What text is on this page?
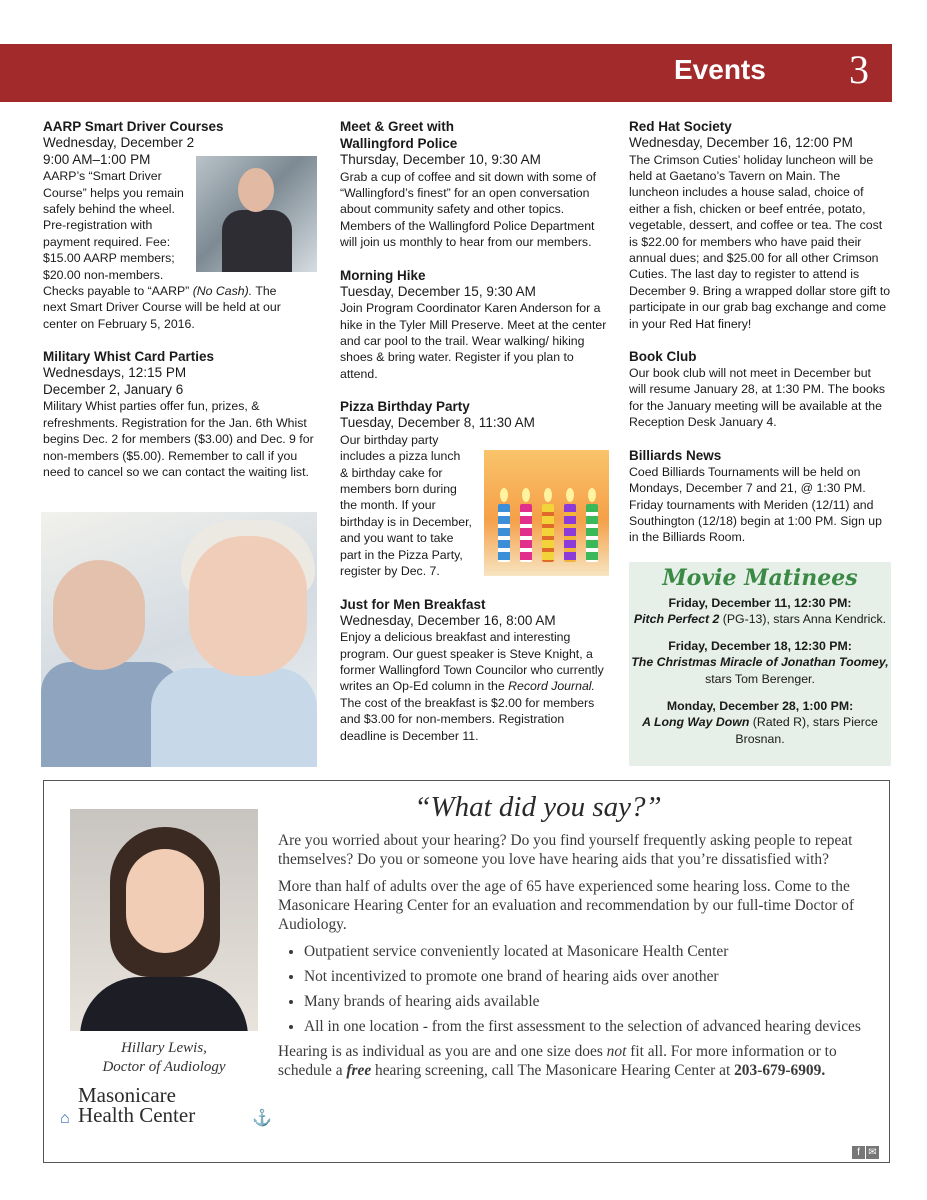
Events 3

AARP Smart Driver Courses

Wednesday, December 2

9:00 AM–1:00 PM

AARP’s “Smart Driver

Course” helps you remain

safely behind the wheel.

Pre-registration with

payment required. Fee:

$15.00 AARP members;

$20.00 non-members.

Checks payable to “AARP” (No Cash). The

next Smart Driver Course will be held at our

center on February 5, 2016.

Military Whist Card Parties

Wednesdays, 12:15 PM

December 2, January 6

Military Whist parties offer fun, prizes, & refreshments. Registration for the Jan. 6th Whist begins Dec. 2 for members ($3.00) and Dec. 9 for non-members ($5.00). Remember to call if you need to cancel so we can contact the waiting list.

Meet & Greet with

Wallingford Police

Thursday, December 10, 9:30 AM

Grab a cup of coffee and sit down with some of “Wallingford’s finest” for an open conversation about community safety and other topics. Members of the Wallingford Police Department will join us monthly to hear from our members.

Morning Hike

Tuesday, December 15, 9:30 AM

Join Program Coordinator Karen Anderson for a hike in the Tyler Mill Preserve. Meet at the center and car pool to the trail. Wear walking/ hiking shoes & bring water. Register if you plan to attend.

Pizza Birthday Party

Tuesday, December 8, 11:30 AM

Our birthday party

includes a pizza lunch

& birthday cake for

members born during

the month. If your

birthday is in December,

and you want to take

part in the Pizza Party,

register by Dec. 7.

Just for Men Breakfast

Wednesday, December 16, 8:00 AM

Enjoy a delicious breakfast and interesting program. Our guest speaker is Steve Knight, a former Wallingford Town Councilor who currently writes an Op-Ed column in the Record Journal. The cost of the breakfast is $2.00 for members and $3.00 for non-members. Registration deadline is December 11.

Red Hat Society

Wednesday, December 16, 12:00 PM

The Crimson Cuties’ holiday luncheon will be held at Gaetano’s Tavern on Main. The luncheon includes a house salad, choice of either a fish, chicken or beef entrée, potato, vegetable, dessert, and coffee or tea. The cost is $22.00 for members who have paid their annual dues; and $25.00 for all other Crimson Cuties. The last day to register to attend is December 9. Bring a wrapped dollar store gift to participate in our grab bag exchange and come in your Red Hat finery!

Book Club

Our book club will not meet in December but will resume January 28, at 1:30 PM. The books for the January meeting will be available at the Reception Desk January 4.

Billiards News

Coed Billiards Tournaments will be held on Mondays, December 7 and 21, @ 1:30 PM. Friday tournaments with Meriden (12/11) and Southington (12/18) begin at 1:00 PM. Sign up in the Billiards Room.

Movie Matinees
Friday, December 11, 12:30 PM:
Pitch Perfect 2 (PG-13), stars Anna Kendrick.
Friday, December 18, 12:30 PM:
The Christmas Miracle of Jonathan Toomey, stars Tom Berenger.
Monday, December 28, 1:00 PM:
A Long Way Down (Rated R), stars Pierce Brosnan.
Hillary Lewis,
Doctor of Audiology
Masonicare
Health Center
⌂	⚓
“What did you say?”

Are you worried about your hearing? Do you find yourself frequently asking people to repeat themselves? Do you or someone you love have hearing aids that you’re dissatisfied with?

More than half of adults over the age of 65 have experienced some hearing loss. Come to the Masonicare Hearing Center for an evaluation and recommendation by our full-time Doctor of Audiology.

• Outpatient service conveniently located at Masonicare Health Center
• Not incentivized to promote one brand of hearing aids over another
• Many brands of hearing aids available
• All in one location - from the first assessment to the selection of advanced hearing devices

Hearing is as individual as you are and one size does not fit all. For more information or to schedule a free hearing screening, call The Masonicare Hearing Center at 203-679-6909.

f ✉
